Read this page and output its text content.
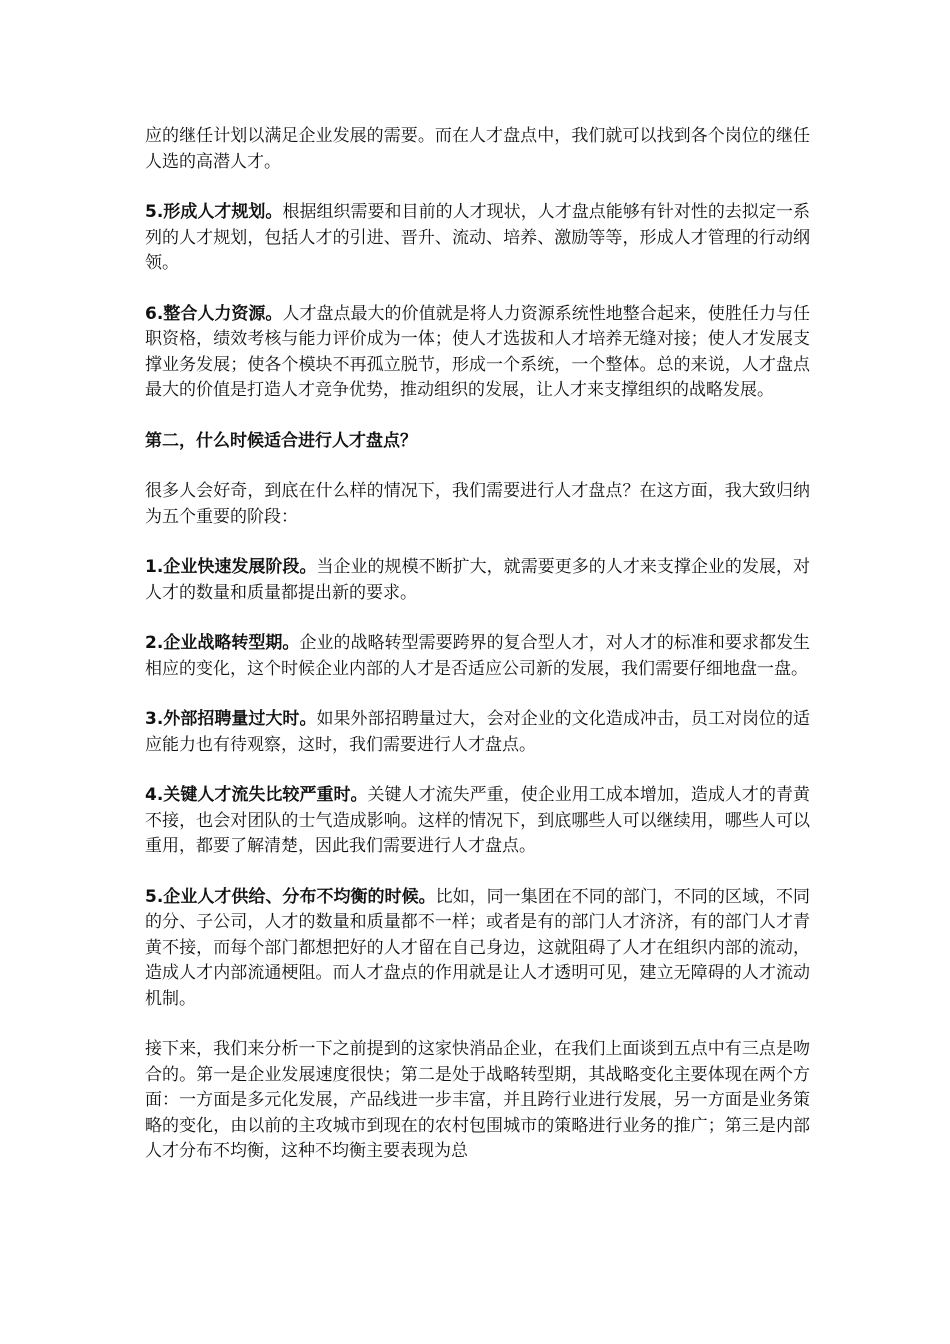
应的继任计划以满足企业发展的需要。而在人才盘点中，我们就可以找到各个岗位的继任人选的高潜人才。

5.形成人才规划。根据组织需要和目前的人才现状，人才盘点能够有针对性的去拟定一系列的人才规划，包括人才的引进、晋升、流动、培养、激励等等，形成人才管理的行动纲领。

6.整合人力资源。人才盘点最大的价值就是将人力资源系统性地整合起来，使胜任力与任职资格，绩效考核与能力评价成为一体；使人才选拔和人才培养无缝对接；使人才发展支撑业务发展；使各个模块不再孤立脱节，形成一个系统，一个整体。总的来说，人才盘点最大的价值是打造人才竞争优势，推动组织的发展，让人才来支撑组织的战略发展。

第二，什么时候适合进行人才盘点？

很多人会好奇，到底在什么样的情况下，我们需要进行人才盘点？在这方面，我大致归纳为五个重要的阶段：

1.企业快速发展阶段。当企业的规模不断扩大，就需要更多的人才来支撑企业的发展，对人才的数量和质量都提出新的要求。

2.企业战略转型期。企业的战略转型需要跨界的复合型人才，对人才的标准和要求都发生相应的变化，这个时候企业内部的人才是否适应公司新的发展，我们需要仔细地盘一盘。

3.外部招聘量过大时。如果外部招聘量过大，会对企业的文化造成冲击，员工对岗位的适应能力也有待观察，这时，我们需要进行人才盘点。

4.关键人才流失比较严重时。关键人才流失严重，使企业用工成本增加，造成人才的青黄不接，也会对团队的士气造成影响。这样的情况下，到底哪些人可以继续用，哪些人可以重用，都要了解清楚，因此我们需要进行人才盘点。

5.企业人才供给、分布不均衡的时候。比如，同一集团在不同的部门，不同的区域，不同的分、子公司，人才的数量和质量都不一样；或者是有的部门人才济济，有的部门人才青黄不接，而每个部门都想把好的人才留在自己身边，这就阻碍了人才在组织内部的流动，造成人才内部流通梗阻。而人才盘点的作用就是让人才透明可见，建立无障碍的人才流动机制。

接下来，我们来分析一下之前提到的这家快消品企业，在我们上面谈到五点中有三点是吻合的。第一是企业发展速度很快；第二是处于战略转型期，其战略变化主要体现在两个方面：一方面是多元化发展，产品线进一步丰富，并且跨行业进行发展，另一方面是业务策略的变化，由以前的主攻城市到现在的农村包围城市的策略进行业务的推广；第三是内部人才分布不均衡，这种不均衡主要表现为总
